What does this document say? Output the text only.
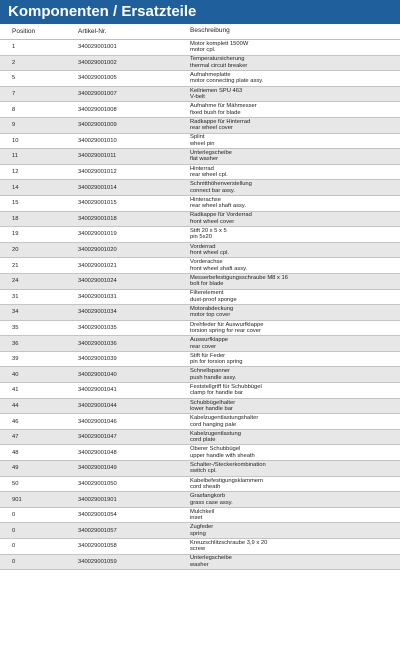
Komponenten / Ersatzteile
Position	Artikel-Nr.	Beschreibung
1	340029001001
Motor komplett 1500W
motor cpl.
2	340029001002
Temperatursicherung
thermal circuit breaker
5	340029001005
Aufnahmeplatte
motor connecting plate assy.
7	340029001007
Keilriemen SPU 463
V-belt
8	340029001008
Aufnahme für Mähmesser
fixed bush for blade
9	340029001009
Radkappe für Hinterrad
rear wheel cover
10	340029001010
Splint
wheel pin
11	340029001011
Unterlegscheibe
flat washer
12	340029001012
Hinterrad
rear wheel cpl.
14	340029001014
Schnitthöhenverstellung
connect bar assy.
15	340029001015
Hinterachse
rear wheel shaft assy.
18	340029001018
Radkappe für Vorderrad
front wheel cover
19	340029001019
Stift 20 x 5 x 5
pin 5x20
20	340029001020
Vorderrad
front wheel cpl.
21	340029001021
Vorderachse
front wheel shaft assy.
24	340029001024
Messerbefestigungsschraube M8 x 16
bolt for blade
31	340029001031
Filterelement
dust-proof sponge
34	340029001034
Motorabdeckung
motor top cover
35	340029001035
Drehfeder für Auswurfklappe
torsion spring for rear cover
36	340029001036
Auswurfklappe
rear cover
39	340029001039
Stift für Feder
pin for torsion spring
40	340029001040
Schnellspanner
push handle assy.
41	340029001041
Feststellgriff für Schubbügel
clamp for handle bar
44	340029001044
Schubbügelhalter
lower handle bar
46	340029001046
Kabelzugentlastungshalter
cord hanging pale
47	340029001047
Kabelzugentlastung
cord plate
48	340029001048
Oberer Schubbügel
upper handle with sheath
49	340029001049
Schalter-/Steckerkombination
switch cpl.
50	340029001050
Kabelbefestigungsklammern
cord sheath
901	340029001901
Grasfangkorb
grass case assy.
0	340029001054
Mulchkeil
inset
0	340029001057
Zugfeder
spring
0	340029001058
Kreuzschlitzschraube 3,9 x 20
screw
0	340029001059
Unterlegscheibe
washer
